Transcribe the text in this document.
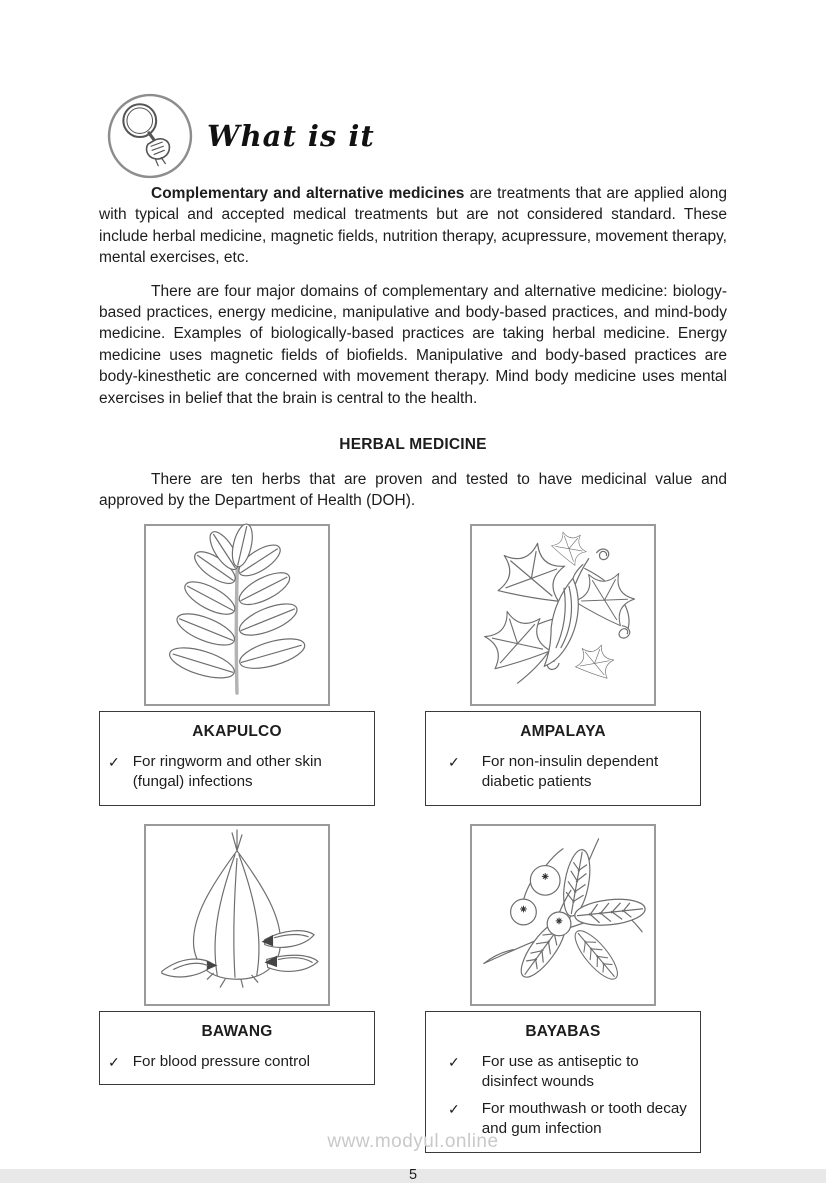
What is it

Complementary and alternative medicines are treatments that are applied along with typical and accepted medical treatments but are not considered standard. These include herbal medicine, magnetic fields, nutrition therapy, acupressure, movement therapy, mental exercises, etc.

There are four major domains of complementary and alternative medicine: biology-based practices, energy medicine, manipulative and body-based practices, and mind-body medicine. Examples of biologically-based practices are taking herbal medicine. Energy medicine uses magnetic fields of biofields. Manipulative and body-based practices are body-kinesthetic are concerned with movement therapy. Mind body medicine uses mental exercises in belief that the brain is central to the health.

HERBAL MEDICINE

There are ten herbs that are proven and tested to have medicinal value and approved by the Department of Health (DOH).

AKAPULCO
✓ For ringworm and other skin (fungal) infections
AMPALAYA
✓ For non-insulin dependent diabetic patients
BAWANG
✓ For blood pressure control
BAYABAS
✓ For use as antiseptic to disinfect wounds
✓ For mouthwash or tooth decay and gum infection
5
www.modyul.online
